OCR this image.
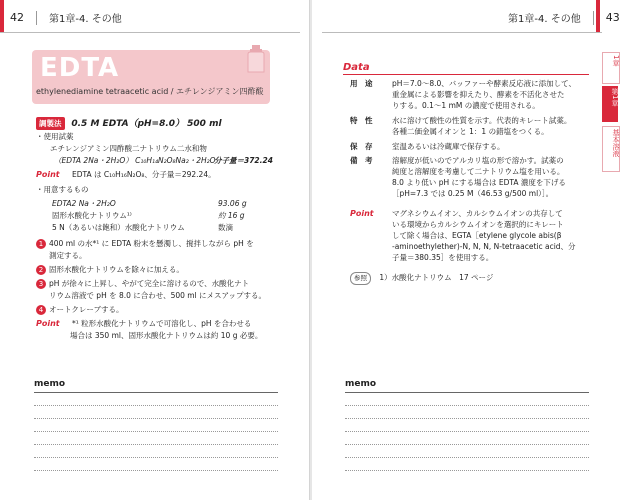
42	第1章-4. その他
EDTA
ethylenediamine tetraacetic acid / エチレンジアミン四酢酸
調製法 0.5 M EDTA（pH=8.0） 500 ml
・使用試薬
エチレンジアミン四酢酸二ナトリウム二水和物
（EDTA 2Na・2H₂O） C₁₀H₁₄N₂O₈Na₂・2H₂O
分子量＝372.24
Point EDTA は C₁₀H₁₆N₂O₈、分子量＝292.24。
・用意するもの
EDTA2 Na・2H₂O	93.06 g
固形水酸化ナトリウム¹⁾	約 16 g
5 N（あるいは飽和）水酸化ナトリウム	数滴
1 400 ml の水*¹ に EDTA 粉末を懸濁し、撹拌しながら pH を
測定する。
2 固形水酸化ナトリウムを除々に加える。
3 pH が徐々に上昇し、やがて完全に溶けるので、水酸化ナト
リウム溶液で pH を 8.0 に合わせ、500 ml にメスアップする。
4 オートクレーブする。
Point *¹ 粒形水酸化ナトリウムで可溶化し、pH を合わせる
場合は 350 ml、固形水酸化ナトリウムは約 10 g 必要。
memo
第1章-4. その他 43
Data
用　途	pH＝7.0～8.0、バッファーや酵素反応液に添加して、
重金属による影響を抑えたり、酵素を不活化させた
りする。0.1～1 mM の濃度で使用される。
特　性	水に溶けて酸性の性質を示す。代表的キレート試薬。
各種二価金属イオンと 1：1 の錯塩をつくる。
保　存	室温あるいは冷蔵庫で保存する。
備　考	溶解度が低いのでアルカリ塩の形で溶かす。試薬の
純度と溶解度を考慮して二ナトリウム塩を用いる。
8.0 より低い pH にする場合は EDTA 濃度を下げる
［pH=7.3 では 0.25 M（46.53 g/500 ml）］。
Point マグネシウムイオン、カルシウムイオンの共存して
いる環境からカルシウムイオンを選択的にキレート
して除く場合は、EGTA［etylene glycole abis(β
-aminoethylether)-N, N, N, N-tetraacetic acid、分
子量＝380.35］を使用する。
参照 1）水酸化ナトリウム　17 ページ
memo
1章
第1章
基本溶液
